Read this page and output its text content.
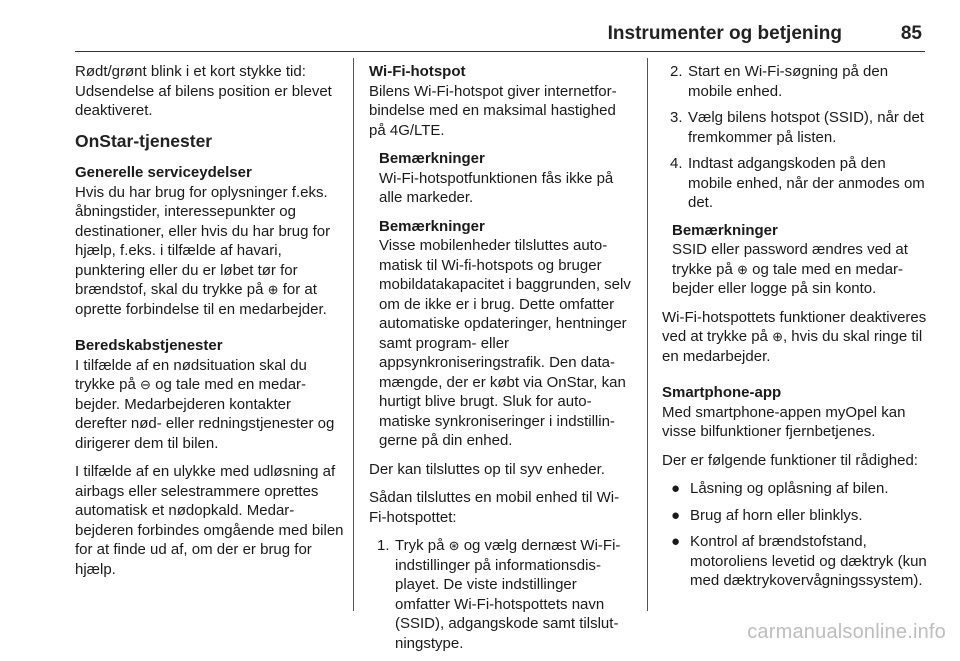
Instrumenter og betjening	85

Rødt/grønt blink i et kort stykke tid: Udsendelse af bilens position er blevet deaktiveret.

OnStar-tjenester
Generelle serviceydelser

Hvis du har brug for oplysninger f.eks. åbningstider, interessepunkter og destinationer, eller hvis du har brug for hjælp, f.eks. i tilfælde af havari, punktering eller du er løbet tør for brændstof, skal du trykke på ⊕ for at oprette forbindelse til en medarbejder.

Beredskabstjenester

I tilfælde af en nødsituation skal du trykke på ⊖ og tale med en medarbejder. Medarbejderen kontakter derefter nød- eller redningstjenester og dirigerer dem til bilen.

I tilfælde af en ulykke med udløsning af airbags eller selestrammere oprettes automatisk et nødopkald. Medarbejderen forbindes omgående med bilen for at finde ud af, om der er brug for hjælp.

Wi-Fi-hotspot

Bilens Wi-Fi-hotspot giver internetforbindelse med en maksimal hastighed på 4G/LTE.

Bemærkninger

Wi-Fi-hotspotfunktionen fås ikke på alle markeder.

Bemærkninger

Visse mobilenheder tilsluttes automatisk til Wi-fi-hotspots og bruger mobildatakapacitet i baggrunden, selv om de ikke er i brug. Dette omfatter automatiske opdateringer, hentninger samt program- eller appsynkroniseringstrafik. Den datamængde, der er købt via OnStar, kan hurtigt blive brugt. Sluk for automatiske synkroniseringer i indstillingerne på din enhed.

Der kan tilsluttes op til syv enheder.

Sådan tilsluttes en mobil enhed til Wi-Fi-hotspottet:

1. Tryk på ⊛ og vælg dernæst Wi-Fi-indstillinger på informationsdisplayet. De viste indstillinger omfatter Wi-Fi-hotspottets navn (SSID), adgangskode samt tilslutningstype.
2. Start en Wi-Fi-søgning på den mobile enhed.
3. Vælg bilens hotspot (SSID), når det fremkommer på listen.
4. Indtast adgangskoden på den mobile enhed, når der anmodes om det.
Bemærkninger

SSID eller password ændres ved at trykke på ⊕ og tale med en medarbejder eller logge på sin konto.

Wi-Fi-hotspottets funktioner deaktiveres ved at trykke på ⊕, hvis du skal ringe til en medarbejder.

Smartphone-app

Med smartphone-appen myOpel kan visse bilfunktioner fjernbetjenes.

Der er følgende funktioner til rådighed:

● Låsning og oplåsning af bilen.
● Brug af horn eller blinklys.
● Kontrol af brændstofstand, motoroliens levetid og dæktryk (kun med dæktrykovervågningssystem).
carmanualsonline.info
